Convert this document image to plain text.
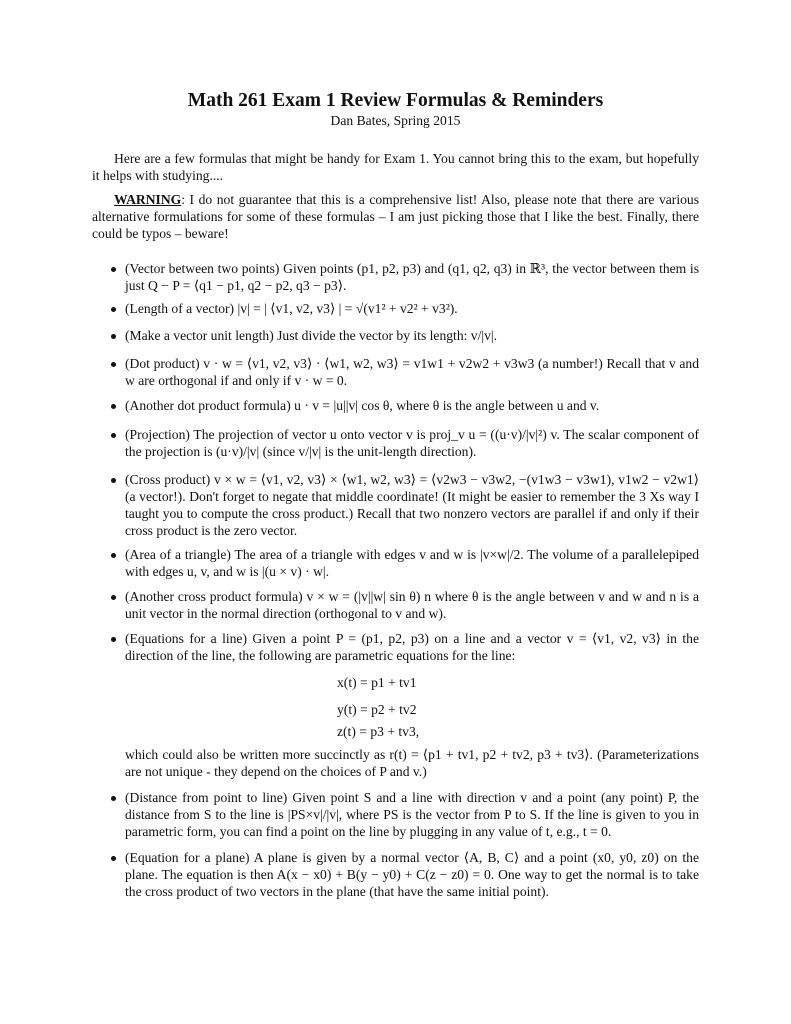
Math 261 Exam 1 Review Formulas & Reminders
Dan Bates, Spring 2015

Here are a few formulas that might be handy for Exam 1. You cannot bring this to the exam, but hopefully it helps with studying....

WARNING: I do not guarantee that this is a comprehensive list! Also, please note that there are various alternative formulations for some of these formulas – I am just picking those that I like the best. Finally, there could be typos – beware!

(Vector between two points) Given points (p1, p2, p3) and (q1, q2, q3) in ℝ³, the vector between them is just Q − P = ⟨q1 − p1, q2 − p2, q3 − p3⟩.
(Length of a vector) |v| = | ⟨v1, v2, v3⟩ | = √(v1² + v2² + v3²).
(Make a vector unit length) Just divide the vector by its length: v/|v|.
(Dot product) v · w = ⟨v1, v2, v3⟩ · ⟨w1, w2, w3⟩ = v1w1 + v2w2 + v3w3 (a number!) Recall that v and w are orthogonal if and only if v · w = 0.
(Another dot product formula) u · v = |u||v| cos θ, where θ is the angle between u and v.
(Projection) The projection of vector u onto vector v is proj_v u = ((u·v)/|v|²) v. The scalar component of the projection is (u·v)/|v| (since v/|v| is the unit-length direction).
(Cross product) v × w = ⟨v1, v2, v3⟩ × ⟨w1, w2, w3⟩ = ⟨v2w3 − v3w2, −(v1w3 − v3w1), v1w2 − v2w1⟩ (a vector!). Don't forget to negate that middle coordinate! (It might be easier to remember the 3 Xs way I taught you to compute the cross product.) Recall that two nonzero vectors are parallel if and only if their cross product is the zero vector.
(Area of a triangle) The area of a triangle with edges v and w is |v×w|/2. The volume of a parallelepiped with edges u, v, and w is |(u × v) · w|.
(Another cross product formula) v × w = (|v||w| sin θ) n where θ is the angle between v and w and n is a unit vector in the normal direction (orthogonal to v and w).
(Equations for a line) Given a point P = (p1, p2, p3) on a line and a vector v = ⟨v1, v2, v3⟩ in the direction of the line, the following are parametric equations for the line:
x(t) = p1 + tv1
y(t) = p2 + tv2
z(t) = p3 + tv3,
which could also be written more succinctly as r(t) = ⟨p1 + tv1, p2 + tv2, p3 + tv3⟩. (Parameterizations are not unique - they depend on the choices of P and v.)
(Distance from point to line) Given point S and a line with direction v and a point (any point) P, the distance from S to the line is |PS×v|/|v|, where PS is the vector from P to S. If the line is given to you in parametric form, you can find a point on the line by plugging in any value of t, e.g., t = 0.
(Equation for a plane) A plane is given by a normal vector ⟨A, B, C⟩ and a point (x0, y0, z0) on the plane. The equation is then A(x − x0) + B(y − y0) + C(z − z0) = 0. One way to get the normal is to take the cross product of two vectors in the plane (that have the same initial point).
